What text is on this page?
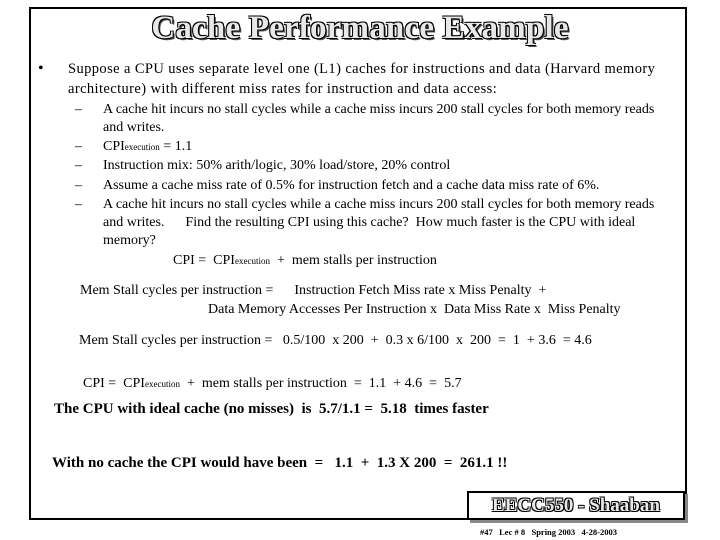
Cache Performance Example
• Suppose a CPU uses separate level one (L1) caches for instructions and data (Harvard memory architecture) with different miss rates for instruction and data access:
– A cache hit incurs no stall cycles while a cache miss incurs 200 stall cycles for both memory reads
and writes.
– CPIexecution = 1.1
– Instruction mix: 50% arith/logic, 30% load/store, 20% control
– Assume a cache miss rate of 0.5% for instruction fetch and a cache data miss rate of 6%.
– A cache hit incurs no stall cycles while a cache miss incurs 200 stall cycles for both memory reads
and writes.      Find the resulting CPI using this cache?  How much faster is the CPU with ideal
memory?
CPI =  CPIexecution  +  mem stalls per instruction
Mem Stall cycles per instruction =      Instruction Fetch Miss rate x Miss Penalty  +
Data Memory Accesses Per Instruction x  Data Miss Rate x  Miss Penalty
Mem Stall cycles per instruction =   0.5/100  x 200  +  0.3 x 6/100  x  200  =  1  + 3.6  = 4.6

CPI =  CPIexecution  +  mem stalls per instruction  =  1.1  + 4.6  =  5.7

The CPU with ideal cache (no misses)  is  5.7/1.1 =  5.18  times faster
With no cache the CPI would have been  =   1.1  +  1.3 X 200  =  261.1 !!
EECC550 - Shaaban
#47   Lec # 8   Spring 2003   4-28-2003
